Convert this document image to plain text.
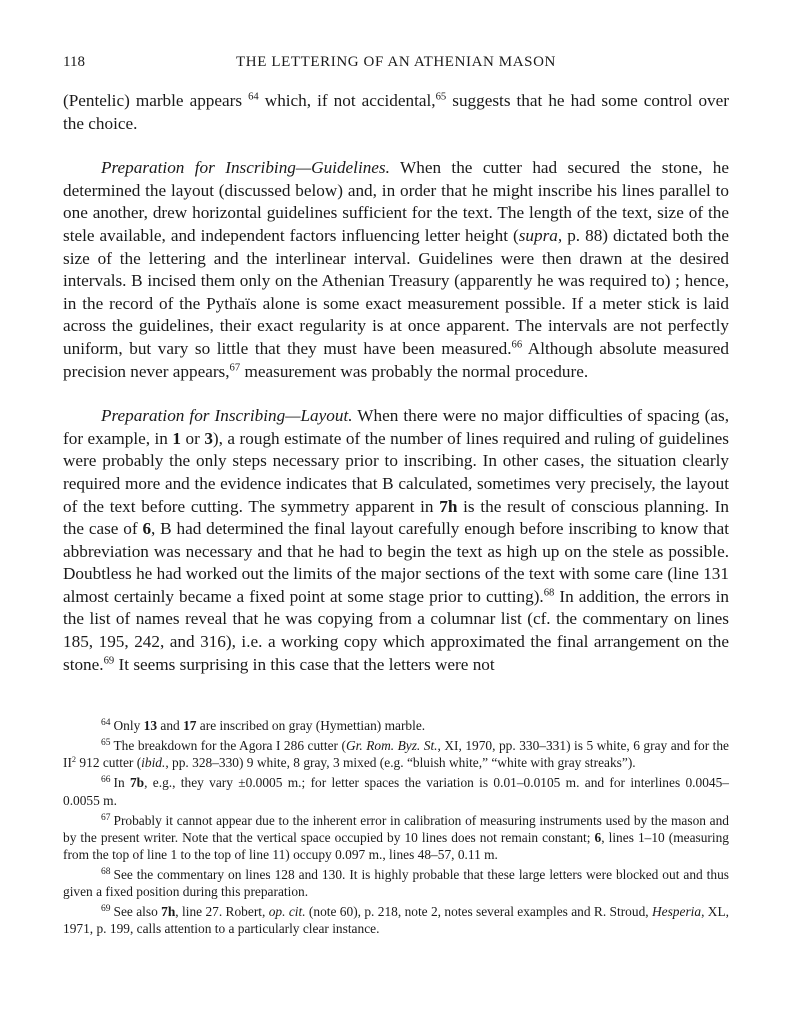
118	THE LETTERING OF AN ATHENIAN MASON

(Pentelic) marble appears $^{64}$ which, if not accidental,$^{65}$ suggests that he had some control over the choice.

Preparation for Inscribing—Guidelines. When the cutter had secured the stone, he determined the layout (discussed below) and, in order that he might inscribe his lines parallel to one another, drew horizontal guidelines sufficient for the text. The length of the text, size of the stele available, and independent factors influencing letter height (supra, p. 88) dictated both the size of the lettering and the interlinear interval. Guidelines were then drawn at the desired intervals. B incised them only on the Athenian Treasury (apparently he was required to) ; hence, in the record of the Pythaïs alone is some exact measurement possible. If a meter stick is laid across the guidelines, their exact regularity is at once apparent. The intervals are not perfectly uniform, but vary so little that they must have been measured.$^{66}$ Although absolute measured precision never appears,$^{67}$ measurement was probably the normal procedure.

Preparation for Inscribing—Layout. When there were no major difficulties of spacing (as, for example, in 1 or 3), a rough estimate of the number of lines required and ruling of guidelines were probably the only steps necessary prior to inscribing. In other cases, the situation clearly required more and the evidence indicates that B calculated, sometimes very precisely, the layout of the text before cutting. The symmetry apparent in 7h is the result of conscious planning. In the case of 6, B had determined the final layout carefully enough before inscribing to know that abbreviation was necessary and that he had to begin the text as high up on the stele as possible. Doubtless he had worked out the limits of the major sections of the text with some care (line 131 almost certainly became a fixed point at some stage prior to cutting).$^{68}$ In addition, the errors in the list of names reveal that he was copying from a columnar list (cf. the commentary on lines 185, 195, 242, and 316), i.e. a working copy which approximated the final arrangement on the stone.$^{69}$ It seems surprising in this case that the letters were not

$^{64}$ Only 13 and 17 are inscribed on gray (Hymettian) marble.

$^{65}$ The breakdown for the Agora I 286 cutter (Gr. Rom. Byz. St., XI, 1970, pp. 330–331) is 5 white, 6 gray and for the $II^2$ 912 cutter (ibid., pp. 328–330) 9 white, 8 gray, 3 mixed (e.g. “bluish white,” “white with gray streaks”).

$^{66}$ In 7b, e.g., they vary ±0.0005 m.; for letter spaces the variation is 0.01–0.0105 m. and for interlines 0.0045–0.0055 m.

$^{67}$ Probably it cannot appear due to the inherent error in calibration of measuring instruments used by the mason and by the present writer. Note that the vertical space occupied by 10 lines does not remain constant; 6, lines 1–10 (measuring from the top of line 1 to the top of line 11) occupy 0.097 m., lines 48–57, 0.11 m.

$^{68}$ See the commentary on lines 128 and 130. It is highly probable that these large letters were blocked out and thus given a fixed position during this preparation.

$^{69}$ See also 7h, line 27. Robert, op. cit. (note 60), p. 218, note 2, notes several examples and R. Stroud, Hesperia, XL, 1971, p. 199, calls attention to a particularly clear instance.
